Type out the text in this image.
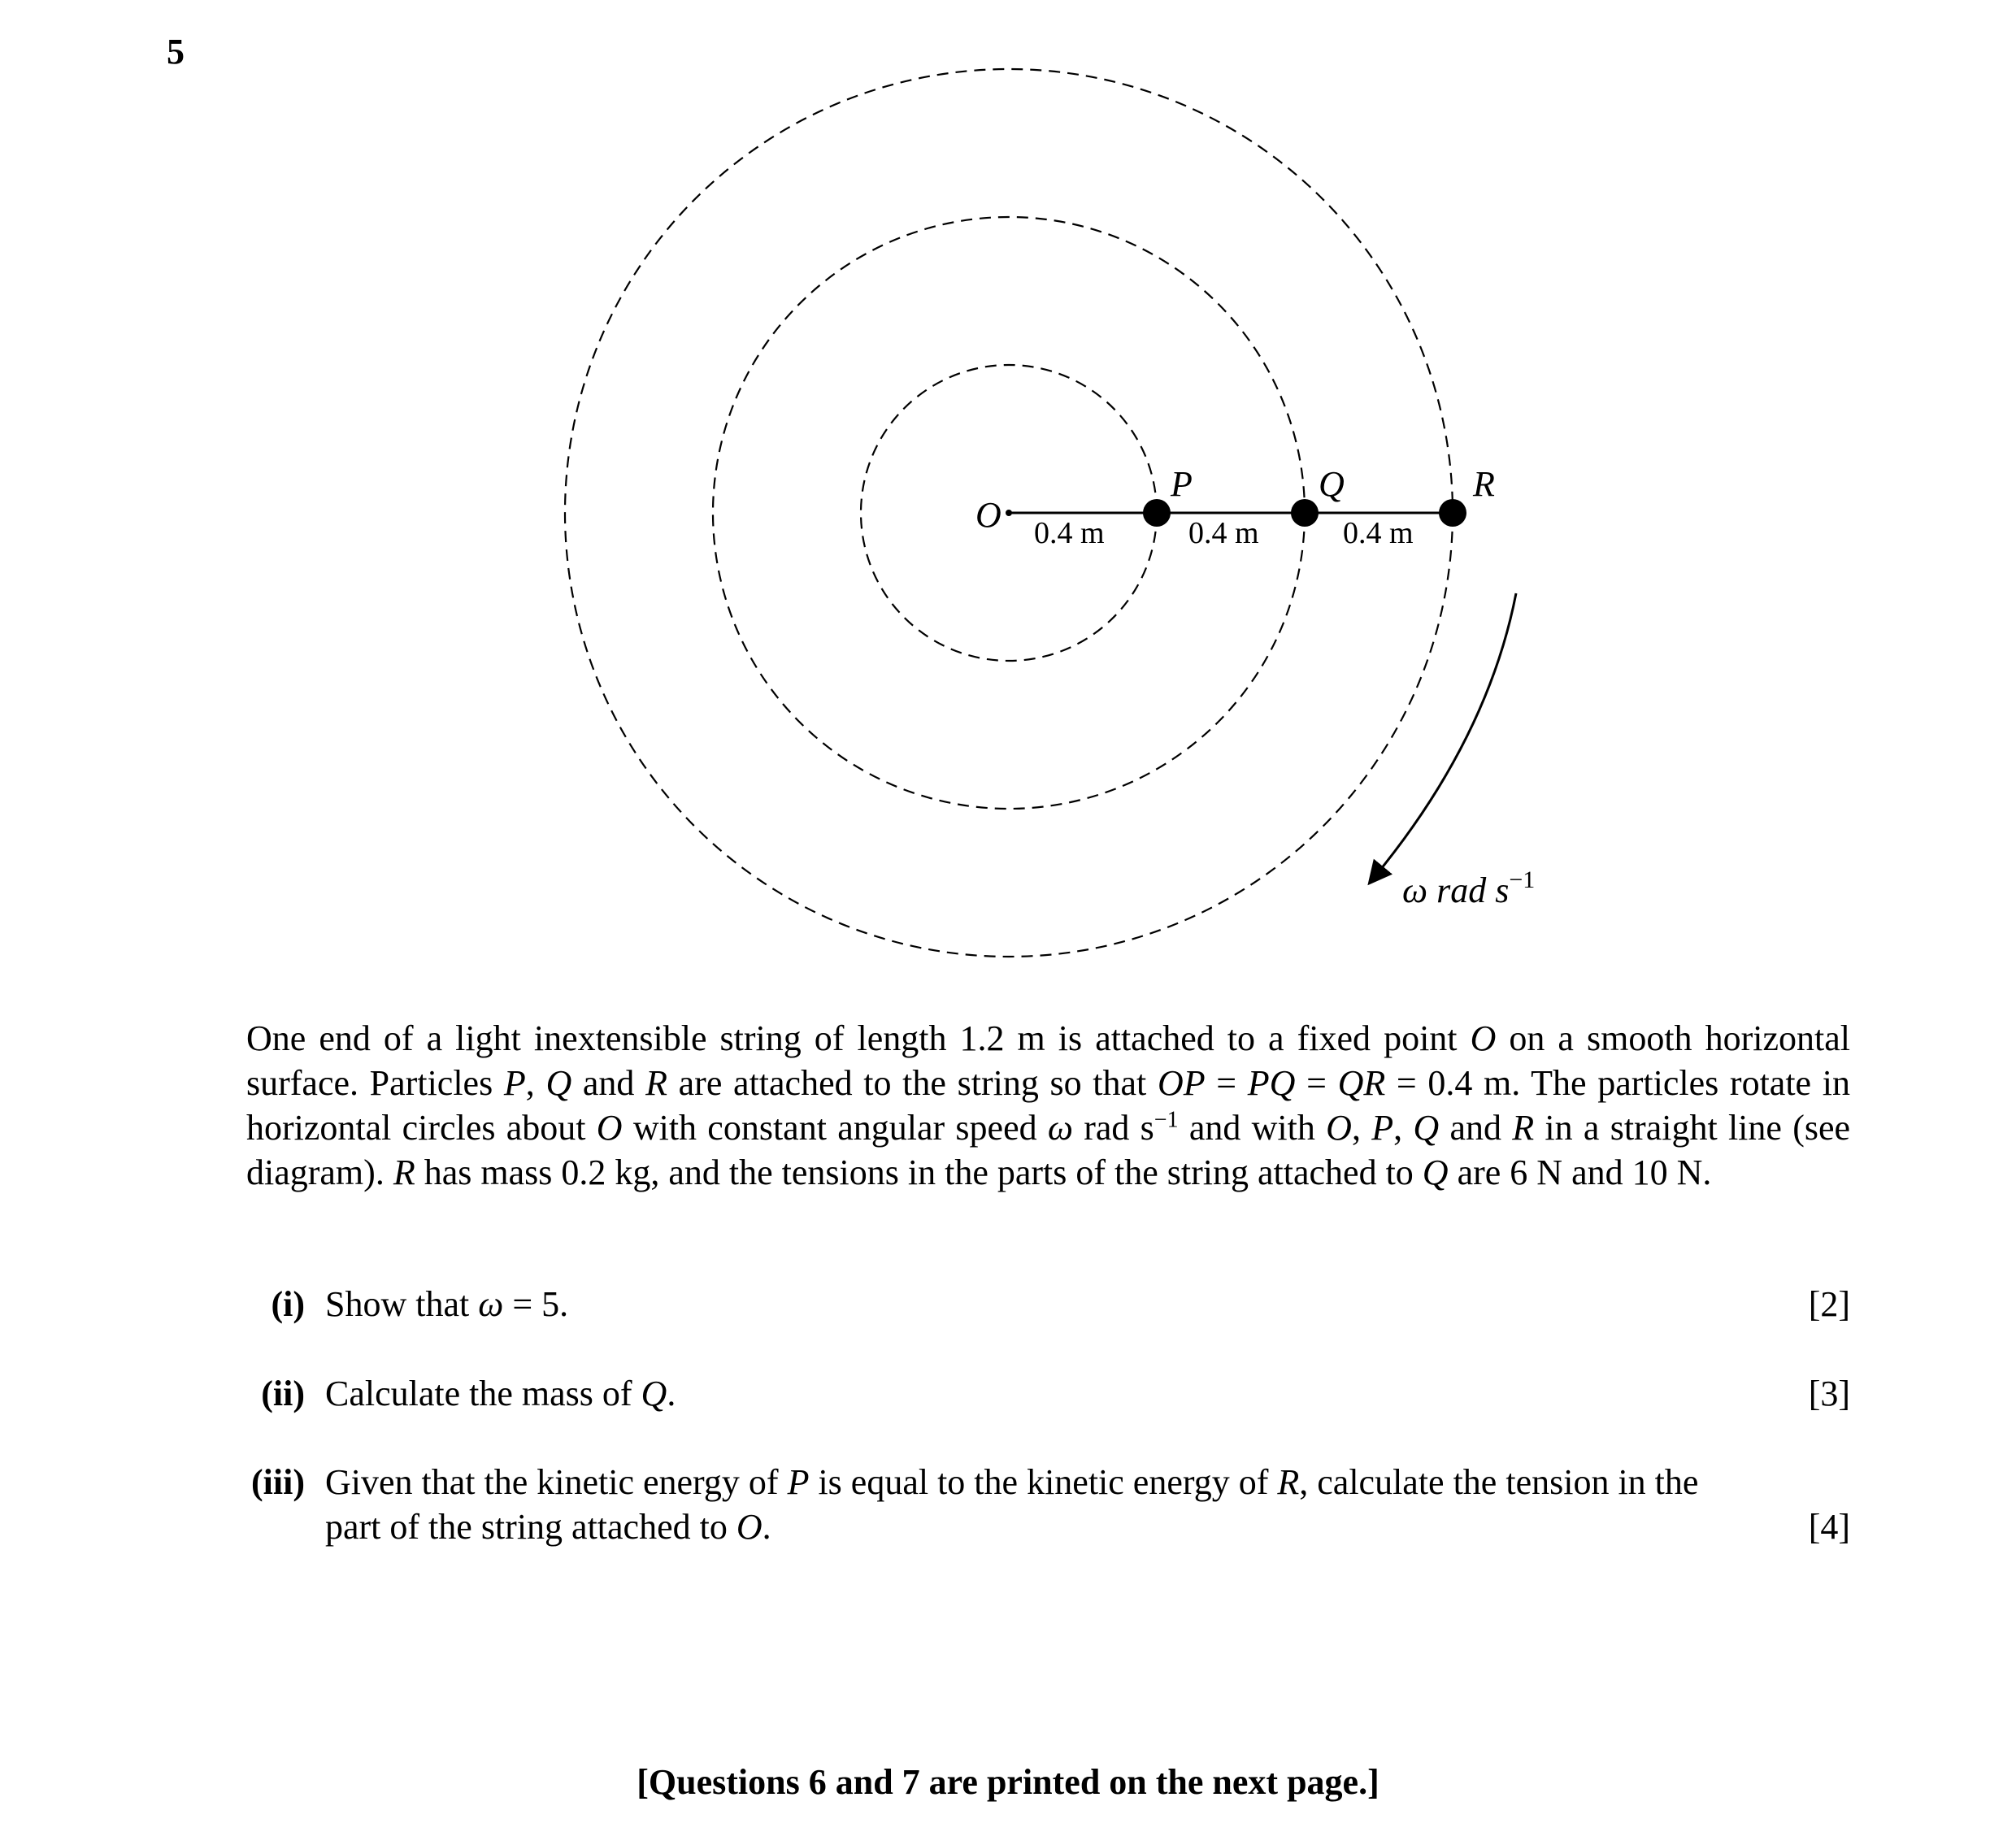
5
O
P	Q	R
0.4 m	0.4 m	0.4 m
ω rad $s^{-1}$

One end of a light inextensible string of length 1.2 m is attached to a fixed point O on a smooth horizontal surface. Particles P, Q and R are attached to the string so that OP = PQ = QR = 0.4 m. The particles rotate in horizontal circles about O with constant angular speed ω rad $s^{-1}$ and with O, P, Q and R in a straight line (see diagram). R has mass 0.2 kg, and the tensions in the parts of the string attached to Q are 6 N and 10 N.

(i) Show that ω = 5.	[2]
(ii) Calculate the mass of Q.	[3]
(iii) Given that the kinetic energy of P is equal to the kinetic energy of R, calculate the tension in the
part of the string attached to O.	[4]
[Questions 6 and 7 are printed on the next page.]
